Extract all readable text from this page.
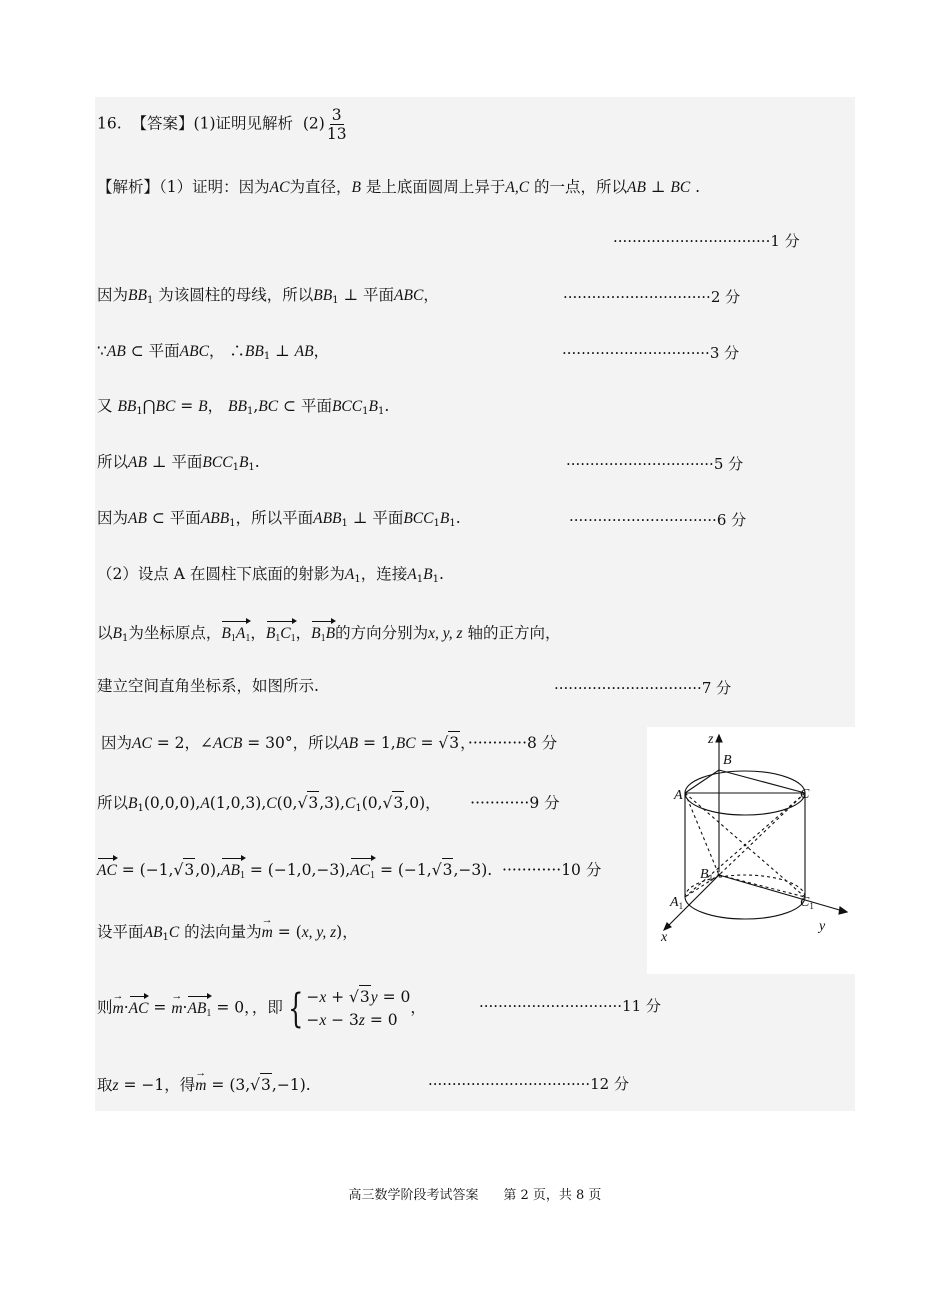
16. 【答案】(1)证明见解析 $(2) \frac{3}{13}$
【解析】（1）证明：因为AC为直径，B 是上底面圆周上异于A,C 的一点，所以AB ⊥ BC .
·································1 分
因为$BB_1$ 为该圆柱的母线，所以$BB_1$ ⊥ 平面ABC，	·······························2 分
∵AB ⊂ 平面ABC， $\therefore BB_1$ ⊥ AB，	·······························3 分
又 $BB_1⋂BC = B$， $BB_1,BC$ ⊂ 平面$BCC_1B_1$.
所以AB ⊥ 平面$BCC_1B_1$.	·······························5 分
因为AB ⊂ 平面$ABB_1$，所以平面$ABB_1$ ⊥ 平面$BCC_1B_1$.	·······························6 分
（2）设点 A 在圆柱下底面的射影为$A_1$，连接$A_1B_1$.
以$B_1$为坐标原点，$B_1A_1$，$B_1C_1$，$B_1B$的方向分别为x, y, z 轴的正方向，
建立空间直角坐标系，如图所示.	·······························7 分
因为AC = 2，∠ACB = 30°，所以AB = 1,BC = √3，············8 分
所以$B_1(0,0,0),A(1,0,3),C(0,√3,3),C_1(0,√3,0)$，      ············9 分
AC = $(-1,√3,0),AB_1 = (-1,0,-3),AC_1 = (-1,√3,-3)$.  ············10 分
设平面$AB_1C$ 的法向量为→ m = (x, y, z)，
则→ m·AC = → $m\cdot AB_1 = 0$，，即 { −x + √3y = 0
−x − 3z = 0
，	······························11 分
取z = −1，得→ m = (3,√3,−1).	··································12 分
z
B
A	C
$B_1$
$A_1$	$C_1$
x
y
高三数学阶段考试答案 第 2 页，共 8 页
